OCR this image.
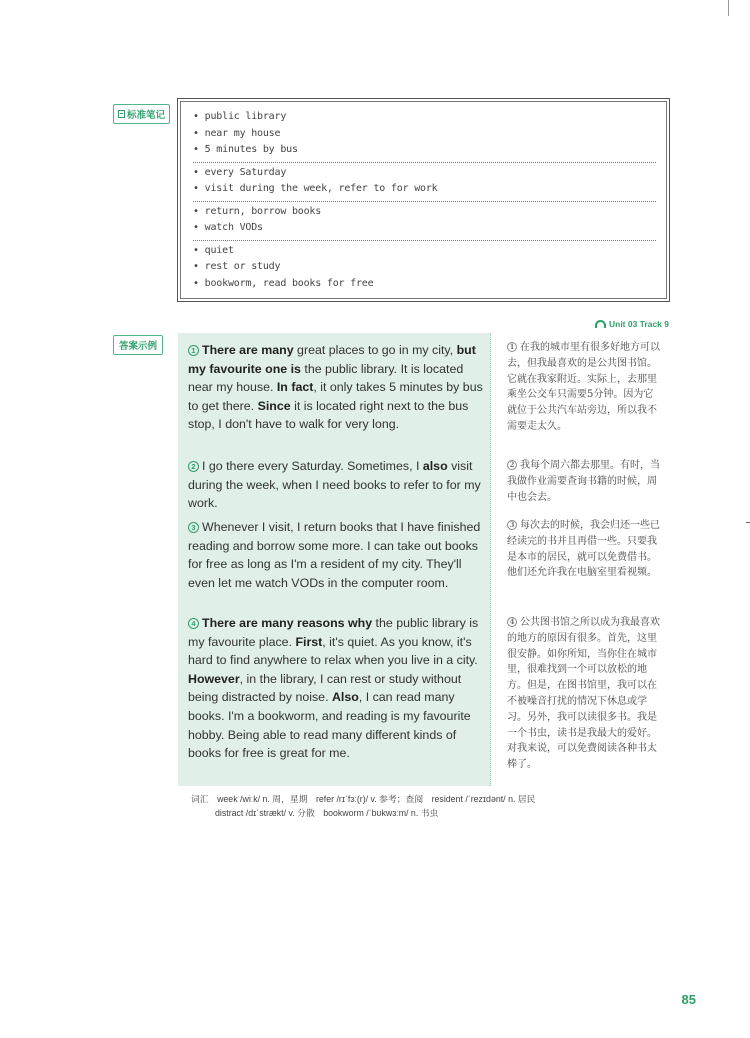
标准笔记
•	public library
• near my house
• 5 minutes by bus
• every Saturday
• visit during the week, refer to for work
• return, borrow books
• watch VODs
• quiet
• rest or study
• bookworm, read books for free
答案示例
Unit 03 Track 9
1 There are many great places to go in my city, but my favourite one is the public library. It is located near my house. In fact, it only takes 5 minutes by bus to get there. Since it is located right next to the bus stop, I don't have to walk for very long.
2 I go there every Saturday. Sometimes, I also visit during the week, when I need books to refer to for my work.
3 Whenever I visit, I return books that I have finished reading and borrow some more. I can take out books for free as long as I'm a resident of my city. They'll even let me watch VODs in the computer room.
4 There are many reasons why the public library is my favourite place. First, it's quiet. As you know, it's hard to find anywhere to relax when you live in a city. However, in the library, I can rest or study without being distracted by noise. Also, I can read many books. I'm a bookworm, and reading is my favourite hobby. Being able to read many different kinds of books for free is great for me.
1 在我的城市里有很多好地方可以去，但我最喜欢的是公共图书馆。它就在我家附近。实际上，去那里乘坐公交车只需要5分钟。因为它就位于公共汽车站旁边，所以我不需要走太久。
2 我每个周六都去那里。有时，当我做作业需要查询书籍的时候，周中也会去。
3 每次去的时候，我会归还一些已经读完的书并且再借一些。只要我是本市的居民，就可以免费借书。他们还允许我在电脑室里看视频。
4 公共图书馆之所以成为我最喜欢的地方的原因有很多。首先，这里很安静。如你所知，当你住在城市里，很难找到一个可以放松的地方。但是，在图书馆里，我可以在不被噪音打扰的情况下休息或学习。另外，我可以读很多书。我是一个书虫，读书是我最大的爱好。对我来说，可以免费阅读各种书太棒了。
词汇 week /wiːk/ n. 周，星期 refer /rɪˈfɜː(r)/ v. 参考；查阅 resident /ˈrezɪdənt/ n. 居民
distract /dɪˈstrækt/ v. 分散 bookworm /ˈbʊkwɜːm/ n. 书虫
85
